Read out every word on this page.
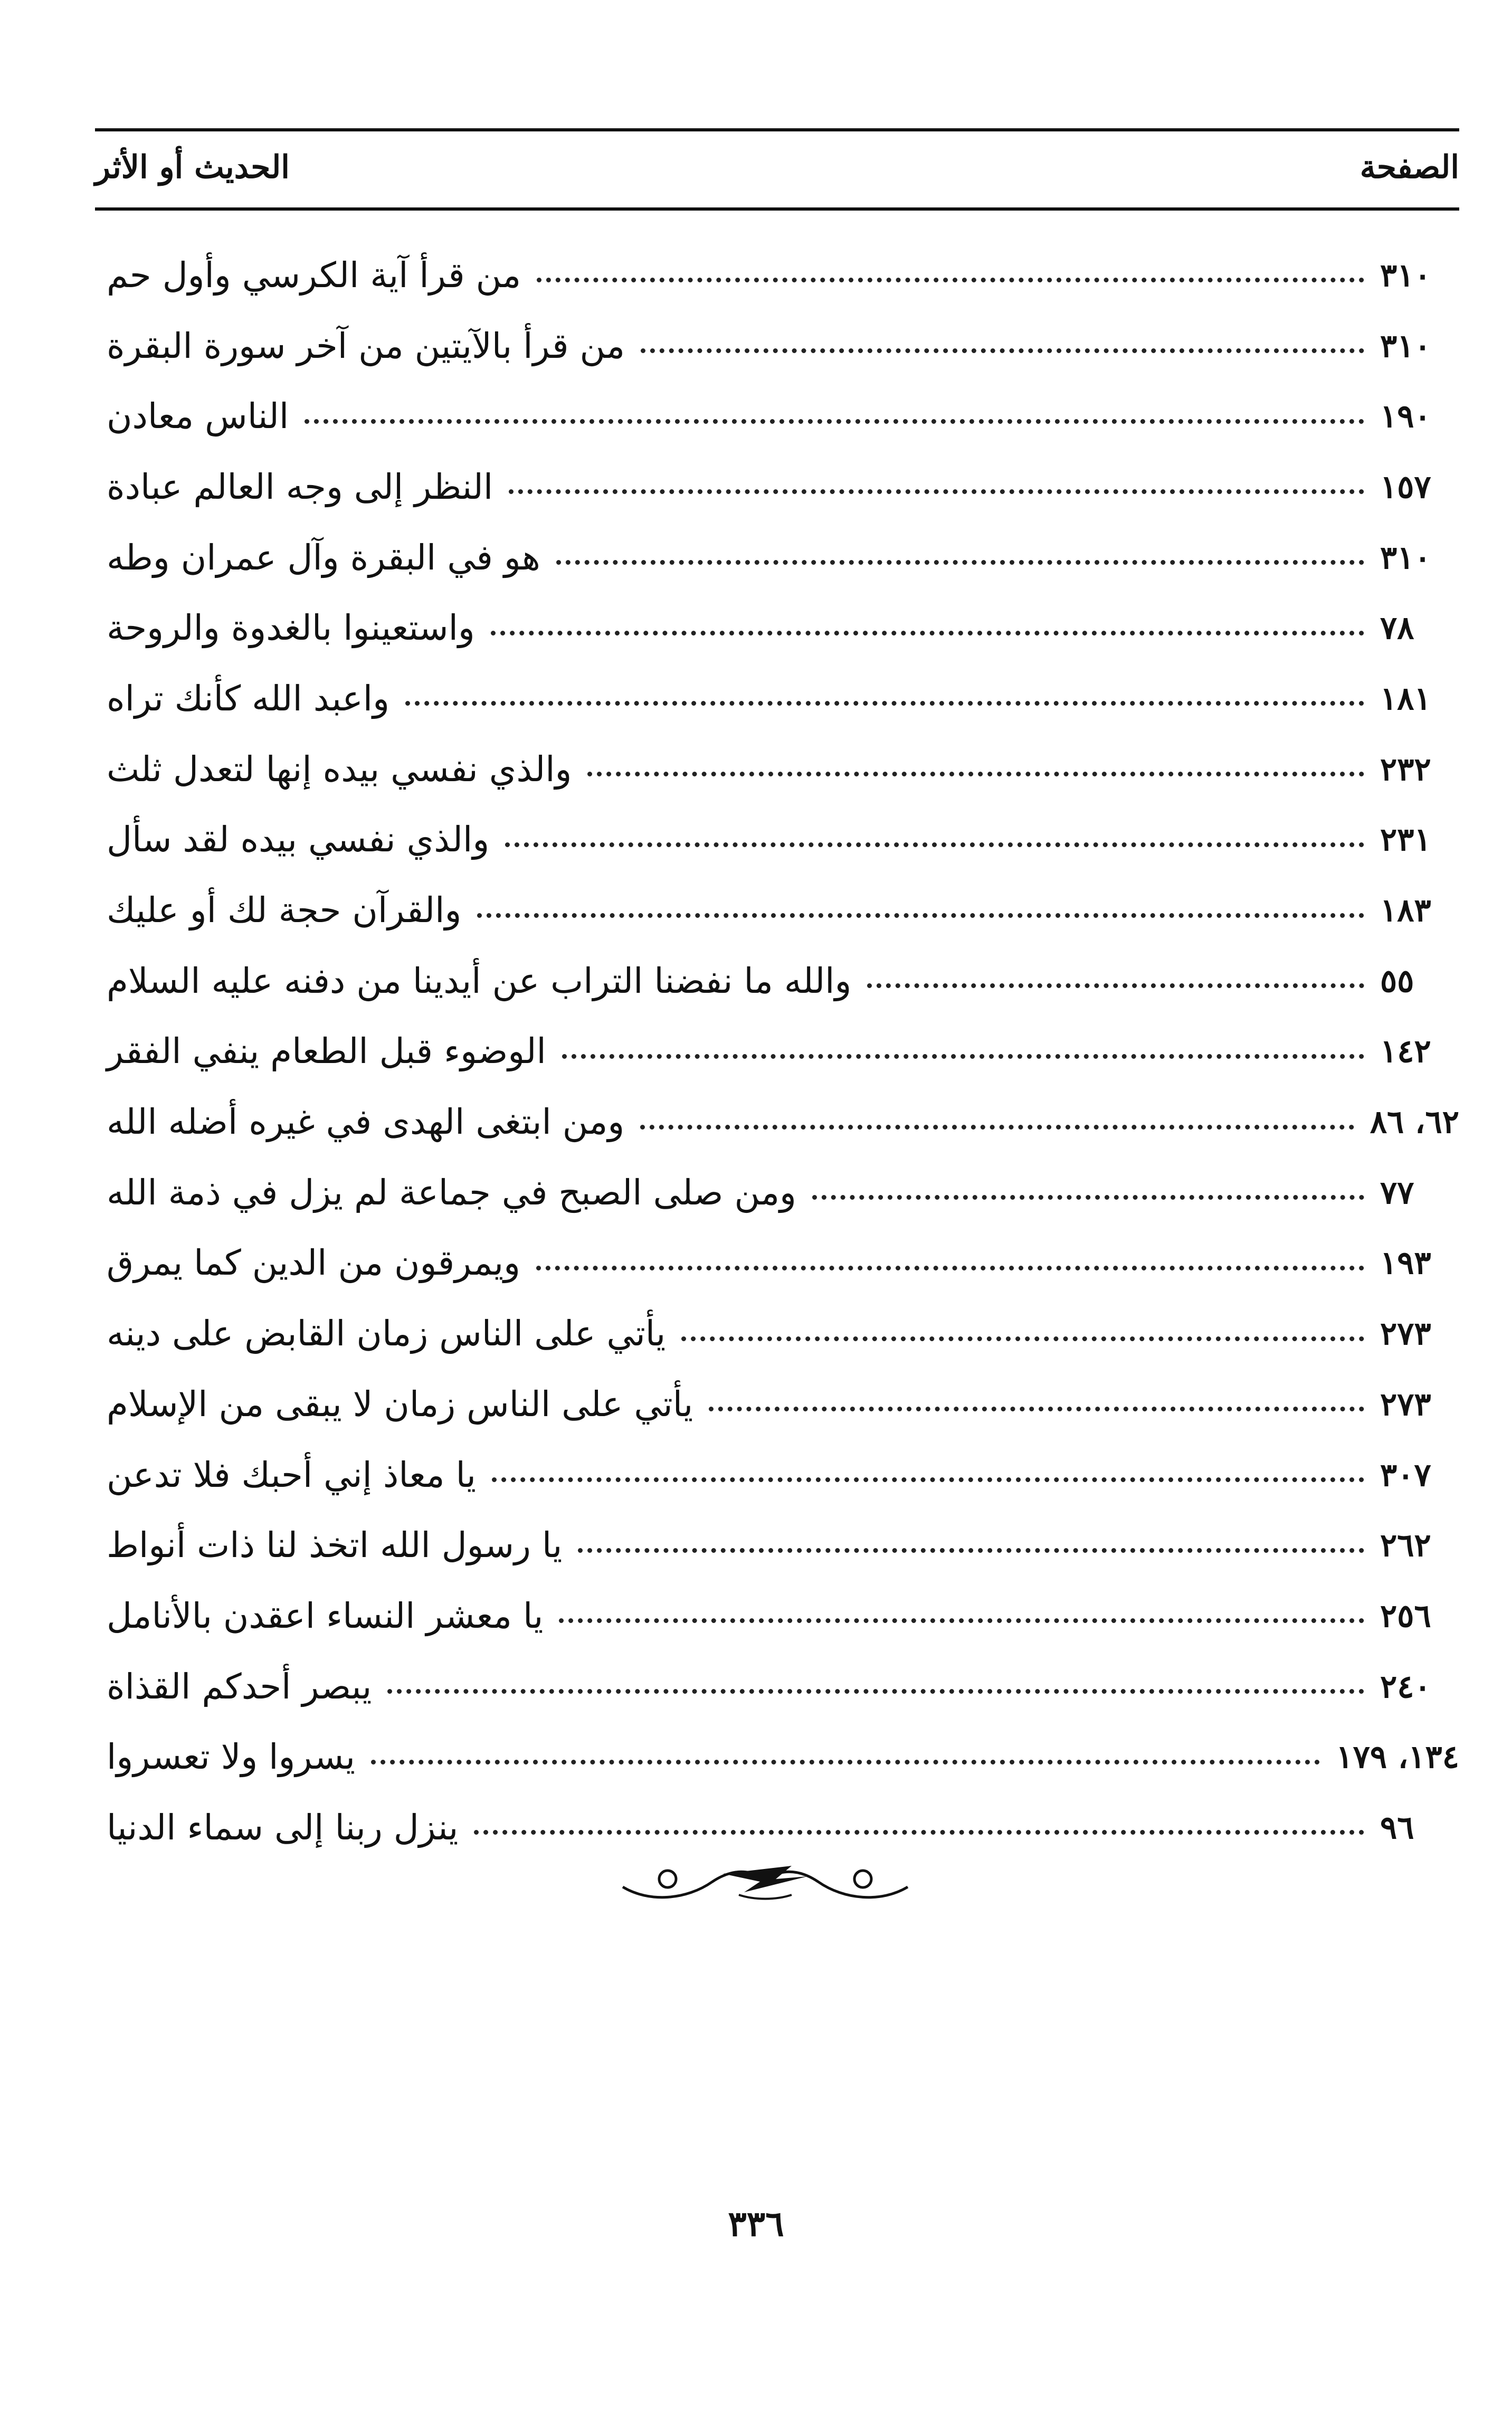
الحديث أو الأثر	الصفحة
من قرأ آية الكرسي وأول حم	٣١٠
من قرأ بالآيتين من آخر سورة البقرة	٣١٠
الناس معادن	١٩٠
النظر إلى وجه العالم عبادة	١٥٧
هو في البقرة وآل عمران وطه	٣١٠
واستعينوا بالغدوة والروحة	٧٨
واعبد الله كأنك تراه	١٨١
والذي نفسي بيده إنها لتعدل ثلث	٢٣٢
والذي نفسي بيده لقد سأل	٢٣١
والقرآن حجة لك أو عليك	١٨٣
والله ما نفضنا التراب عن أيدينا من دفنه عليه السلام	٥٥
الوضوء قبل الطعام ينفي الفقر	١٤٢
ومن ابتغى الهدى في غيره أضله الله	٦٢، ٨٦
ومن صلى الصبح في جماعة لم يزل في ذمة الله	٧٧
ويمرقون من الدين كما يمرق	١٩٣
يأتي على الناس زمان القابض على دينه	٢٧٣
يأتي على الناس زمان لا يبقى من الإسلام	٢٧٣
يا معاذ إني أحبك فلا تدعن	٣٠٧
يا رسول الله اتخذ لنا ذات أنواط	٢٦٢
يا معشر النساء اعقدن بالأنامل	٢٥٦
يبصر أحدكم القذاة	٢٤٠
يسروا ولا تعسروا	١٣٤، ١٧٩
ينزل ربنا إلى سماء الدنيا	٩٦
٣٣٦
